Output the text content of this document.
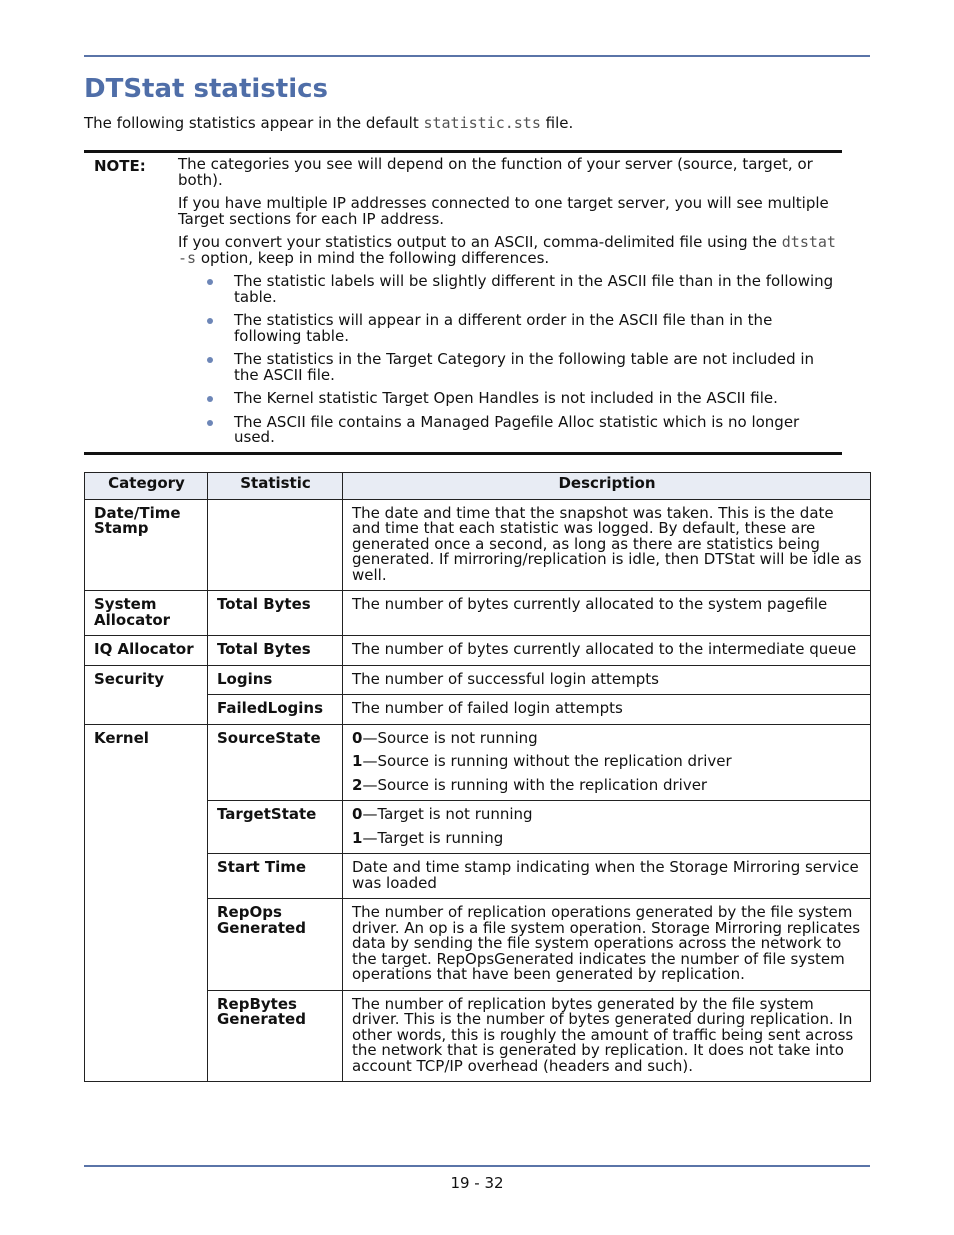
DTStat statistics

The following statistics appear in the default statistic.sts file.

NOTE: The categories you see will depend on the function of your server (source, target, or both).

If you have multiple IP addresses connected to one target server, you will see multiple Target sections for each IP address.

If you convert your statistics output to an ASCII, comma-delimited file using the dtstat -s option, keep in mind the following differences.

The statistic labels will be slightly different in the ASCII file than in the following table.
The statistics will appear in a different order in the ASCII file than in the following table.
The statistics in the Target Category in the following table are not included in the ASCII file.
The Kernel statistic Target Open Handles is not included in the ASCII file.
The ASCII file contains a Managed Pagefile Alloc statistic which is no longer used.
Category	Statistic	Description
Date/Time Stamp		The date and time that the snapshot was taken. This is the date and time that each statistic was logged. By default, these are generated once a second, as long as there are statistics being generated. If mirroring/replication is idle, then DTStat will be idle as well.
System Allocator	Total Bytes	The number of bytes currently allocated to the system pagefile
IQ Allocator	Total Bytes	The number of bytes currently allocated to the intermediate queue
Security	Logins	The number of successful login attempts
	FailedLogins	The number of failed login attempts
Kernel	SourceState	0—Source is not running

1—Source is running without the replication driver

2—Source is running with the replication driver

	TargetState	0—Target is not running

1—Target is running

	Start Time	Date and time stamp indicating when the Storage Mirroring service was loaded
	RepOps Generated	The number of replication operations generated by the file system driver. An op is a file system operation. Storage Mirroring replicates data by sending the file system operations across the network to the target. RepOpsGenerated indicates the number of file system operations that have been generated by replication.
	RepBytes Generated	The number of replication bytes generated by the file system driver. This is the number of bytes generated during replication. In other words, this is roughly the amount of traffic being sent across the network that is generated by replication. It does not take into account TCP/IP overhead (headers and such).
19 - 32
